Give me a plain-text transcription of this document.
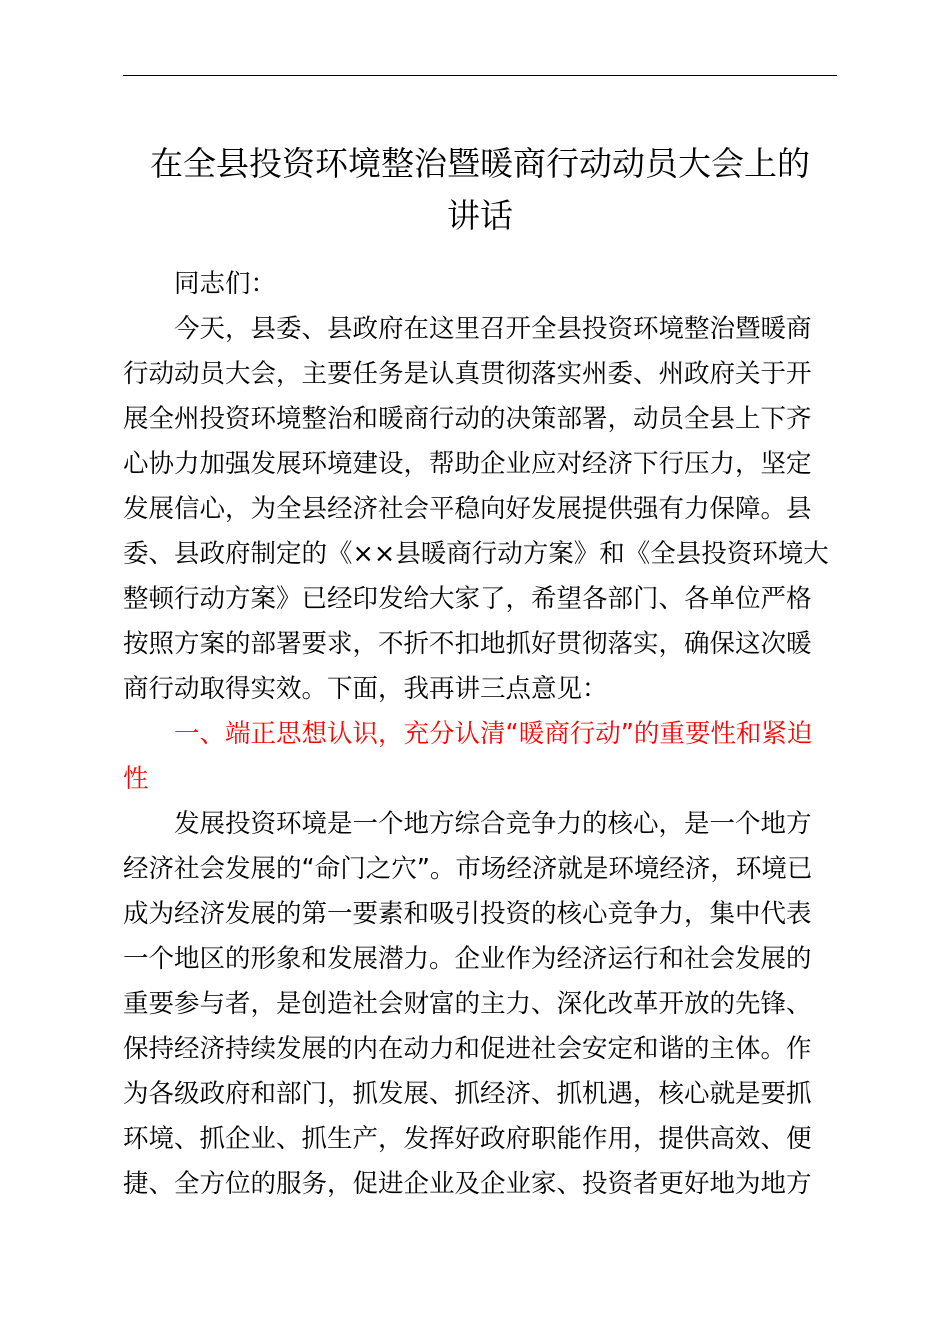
在全县投资环境整治暨暖商行动动员大会上的
讲话
同志们：
今天，县委、县政府在这里召开全县投资环境整治暨暖商
行动动员大会，主要任务是认真贯彻落实州委、州政府关于开
展全州投资环境整治和暖商行动的决策部署，动员全县上下齐
心协力加强发展环境建设，帮助企业应对经济下行压力，坚定
发展信心，为全县经济社会平稳向好发展提供强有力保障。县
委、县政府制定的《××县暖商行动方案》和《全县投资环境大
整顿行动方案》已经印发给大家了，希望各部门、各单位严格
按照方案的部署要求，不折不扣地抓好贯彻落实，确保这次暖
商行动取得实效。下面，我再讲三点意见：
一、端正思想认识，充分认清“暖商行动”的重要性和紧迫
性
发展投资环境是一个地方综合竞争力的核心，是一个地方
经济社会发展的“命门之穴”。市场经济就是环境经济，环境已
成为经济发展的第一要素和吸引投资的核心竞争力，集中代表
一个地区的形象和发展潜力。企业作为经济运行和社会发展的
重要参与者，是创造社会财富的主力、深化改革开放的先锋、
保持经济持续发展的内在动力和促进社会安定和谐的主体。作
为各级政府和部门，抓发展、抓经济、抓机遇，核心就是要抓
环境、抓企业、抓生产，发挥好政府职能作用，提供高效、便
捷、全方位的服务，促进企业及企业家、投资者更好地为地方
